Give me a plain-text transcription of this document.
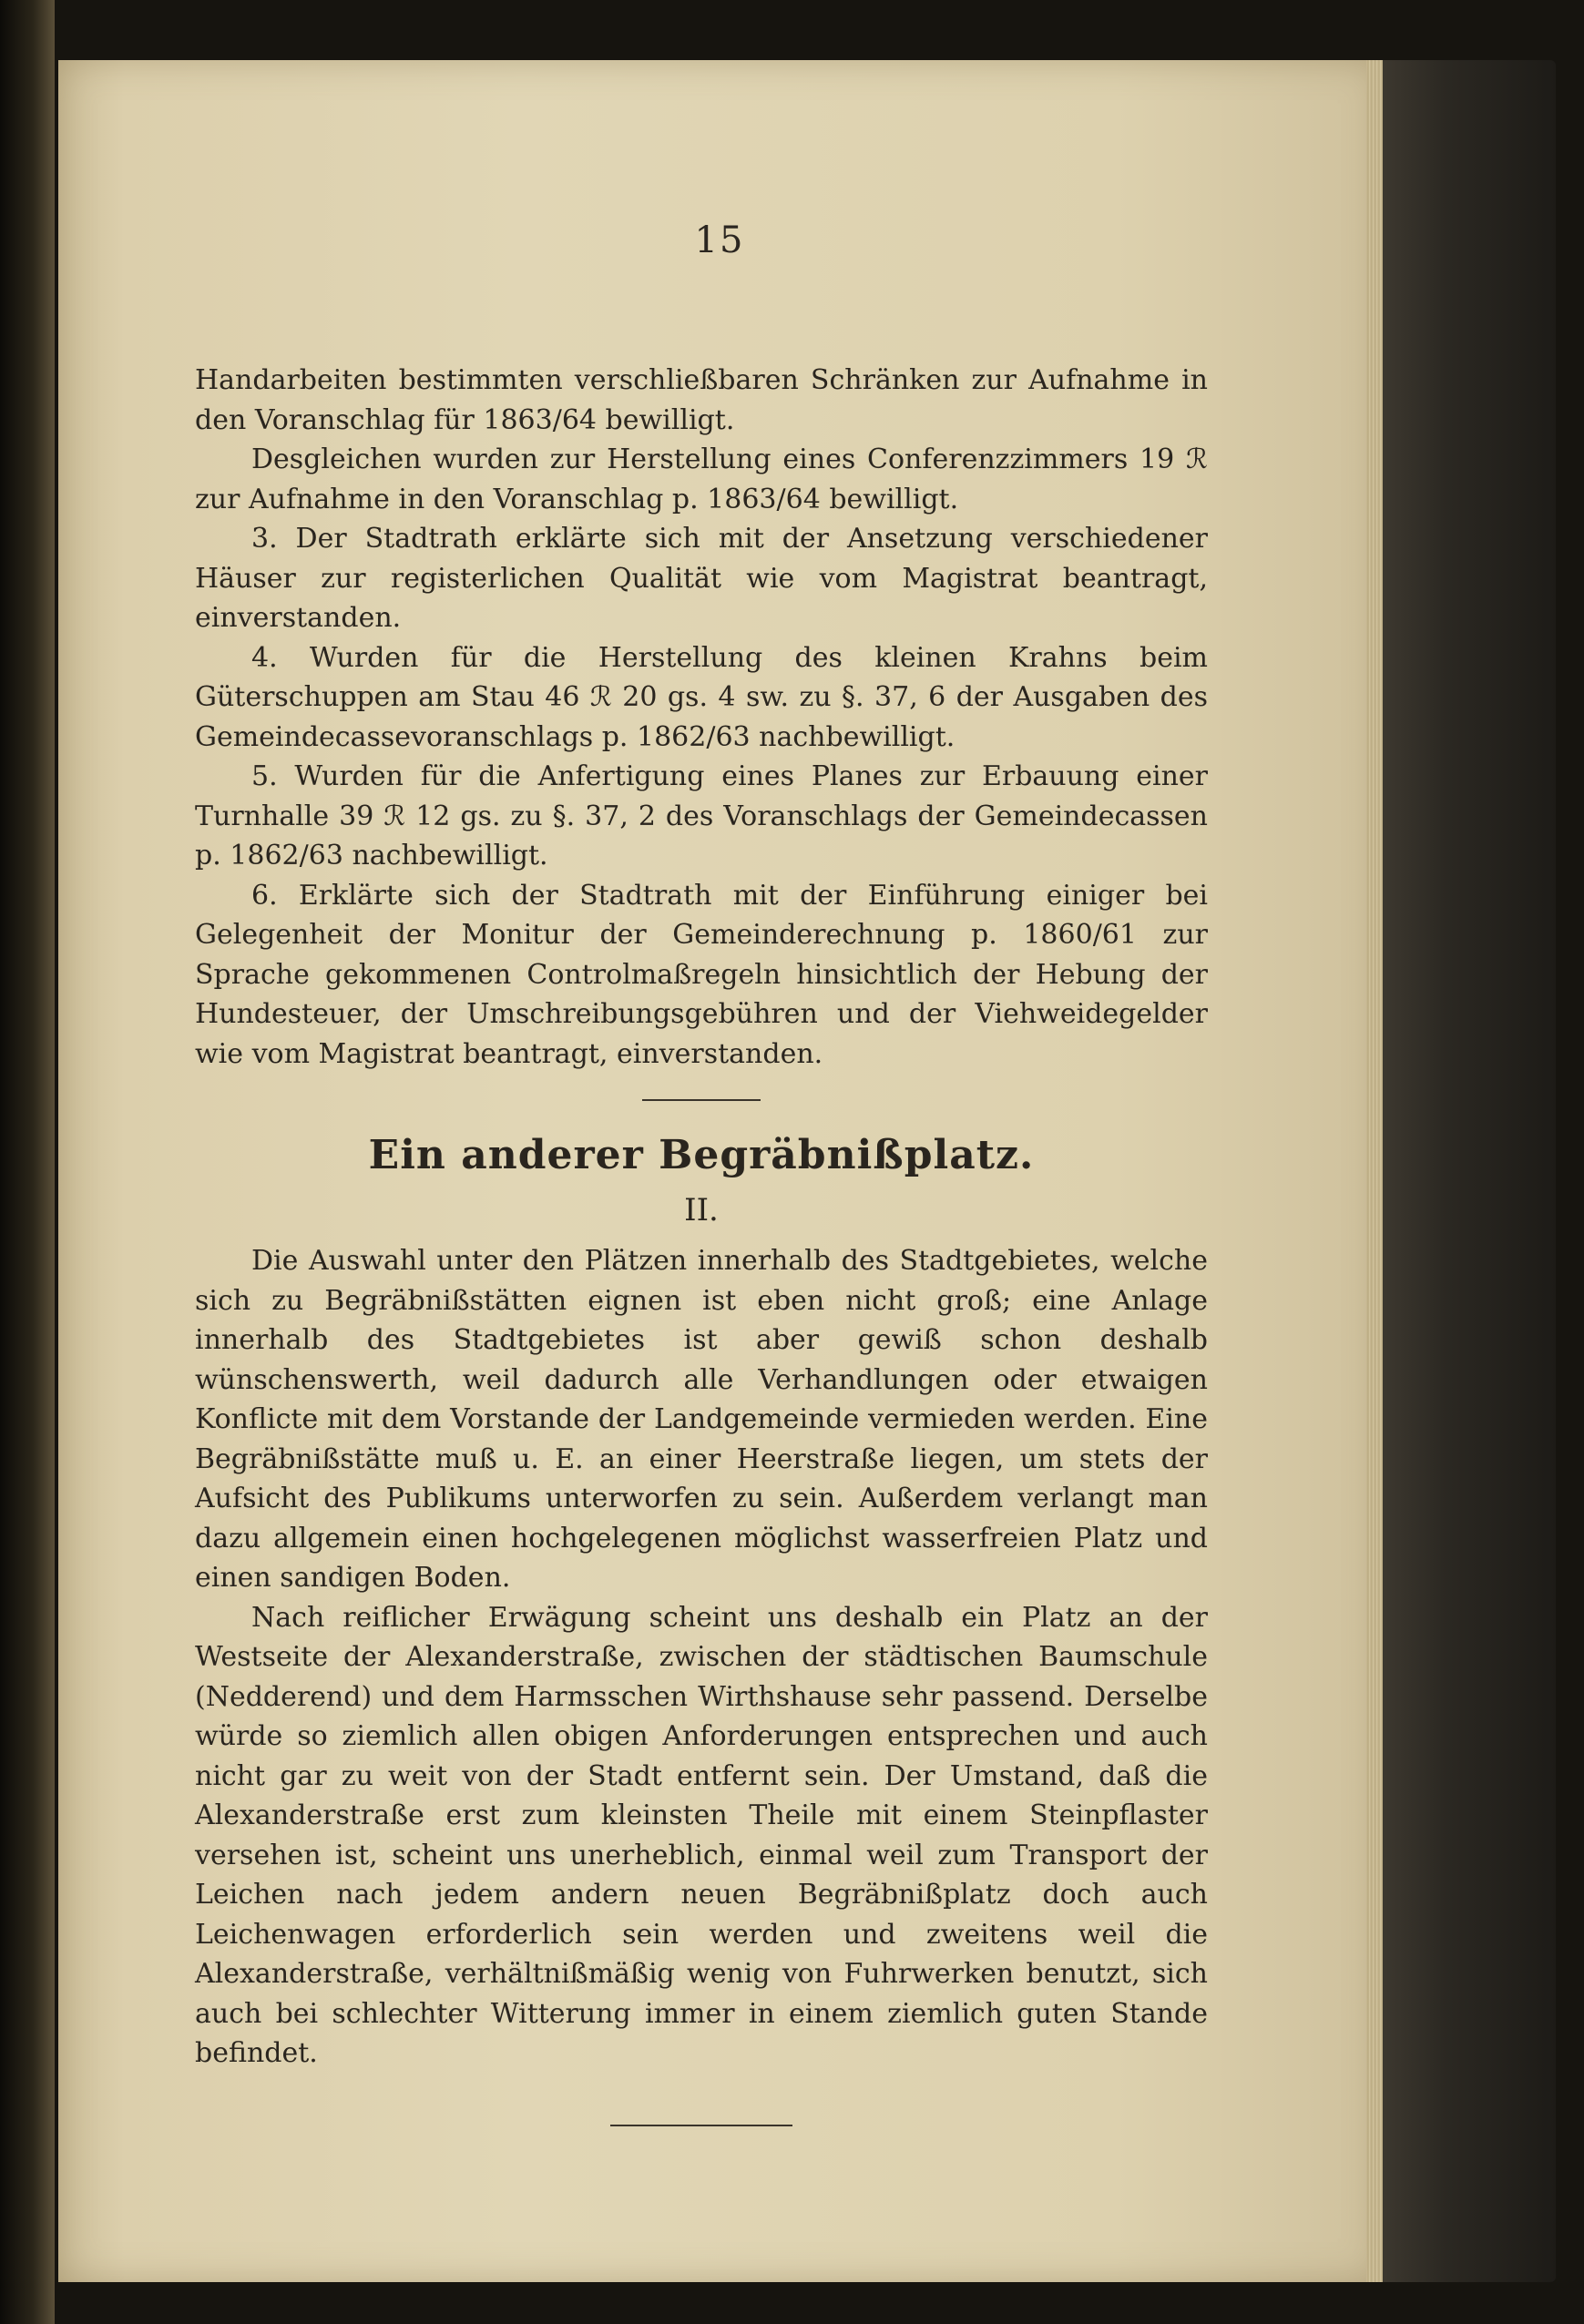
15

Handarbeiten bestimmten verschließbaren Schränken zur Aufnahme in den Voranschlag für 1863/64 bewilligt.

Desgleichen wurden zur Herstellung eines Conferenzzimmers 19 ℛ zur Aufnahme in den Voranschlag p. 1863/64 bewilligt.

3. Der Stadtrath erklärte sich mit der Ansetzung verschiedener Häuser zur registerlichen Qualität wie vom Magistrat beantragt, einverstanden.

4. Wurden für die Herstellung des kleinen Krahns beim Güterschuppen am Stau 46 ℛ 20 gs. 4 sw. zu §. 37, 6 der Ausgaben des Gemeindecassevoranschlags p. 1862/63 nachbewilligt.

5. Wurden für die Anfertigung eines Planes zur Erbauung einer Turnhalle 39 ℛ 12 gs. zu §. 37, 2 des Voranschlags der Gemeindecassen p. 1862/63 nachbewilligt.

6. Erklärte sich der Stadtrath mit der Einführung einiger bei Gelegenheit der Monitur der Gemeinderechnung p. 1860/61 zur Sprache gekommenen Controlmaßregeln hinsichtlich der Hebung der Hundesteuer, der Umschreibungsgebühren und der Viehweidegelder wie vom Magistrat beantragt, einverstanden.

Ein anderer Begräbnißplatz.

II.

Die Auswahl unter den Plätzen innerhalb des Stadtgebietes, welche sich zu Begräbnißstätten eignen ist eben nicht groß; eine Anlage innerhalb des Stadtgebietes ist aber gewiß schon deshalb wünschenswerth, weil dadurch alle Verhandlungen oder etwaigen Konflicte mit dem Vorstande der Landgemeinde vermieden werden. Eine Begräbnißstätte muß u. E. an einer Heerstraße liegen, um stets der Aufsicht des Publikums unterworfen zu sein. Außerdem verlangt man dazu allgemein einen hochgelegenen möglichst wasserfreien Platz und einen sandigen Boden.

Nach reiflicher Erwägung scheint uns deshalb ein Platz an der Westseite der Alexanderstraße, zwischen der städtischen Baumschule (Nedderend) und dem Harmsschen Wirthshause sehr passend. Derselbe würde so ziemlich allen obigen Anforderungen entsprechen und auch nicht gar zu weit von der Stadt entfernt sein. Der Umstand, daß die Alexanderstraße erst zum kleinsten Theile mit einem Steinpflaster versehen ist, scheint uns unerheblich, einmal weil zum Transport der Leichen nach jedem andern neuen Begräbnißplatz doch auch Leichenwagen erforderlich sein werden und zweitens weil die Alexanderstraße, verhältnißmäßig wenig von Fuhrwerken benutzt, sich auch bei schlechter Witterung immer in einem ziemlich guten Stande befindet.
